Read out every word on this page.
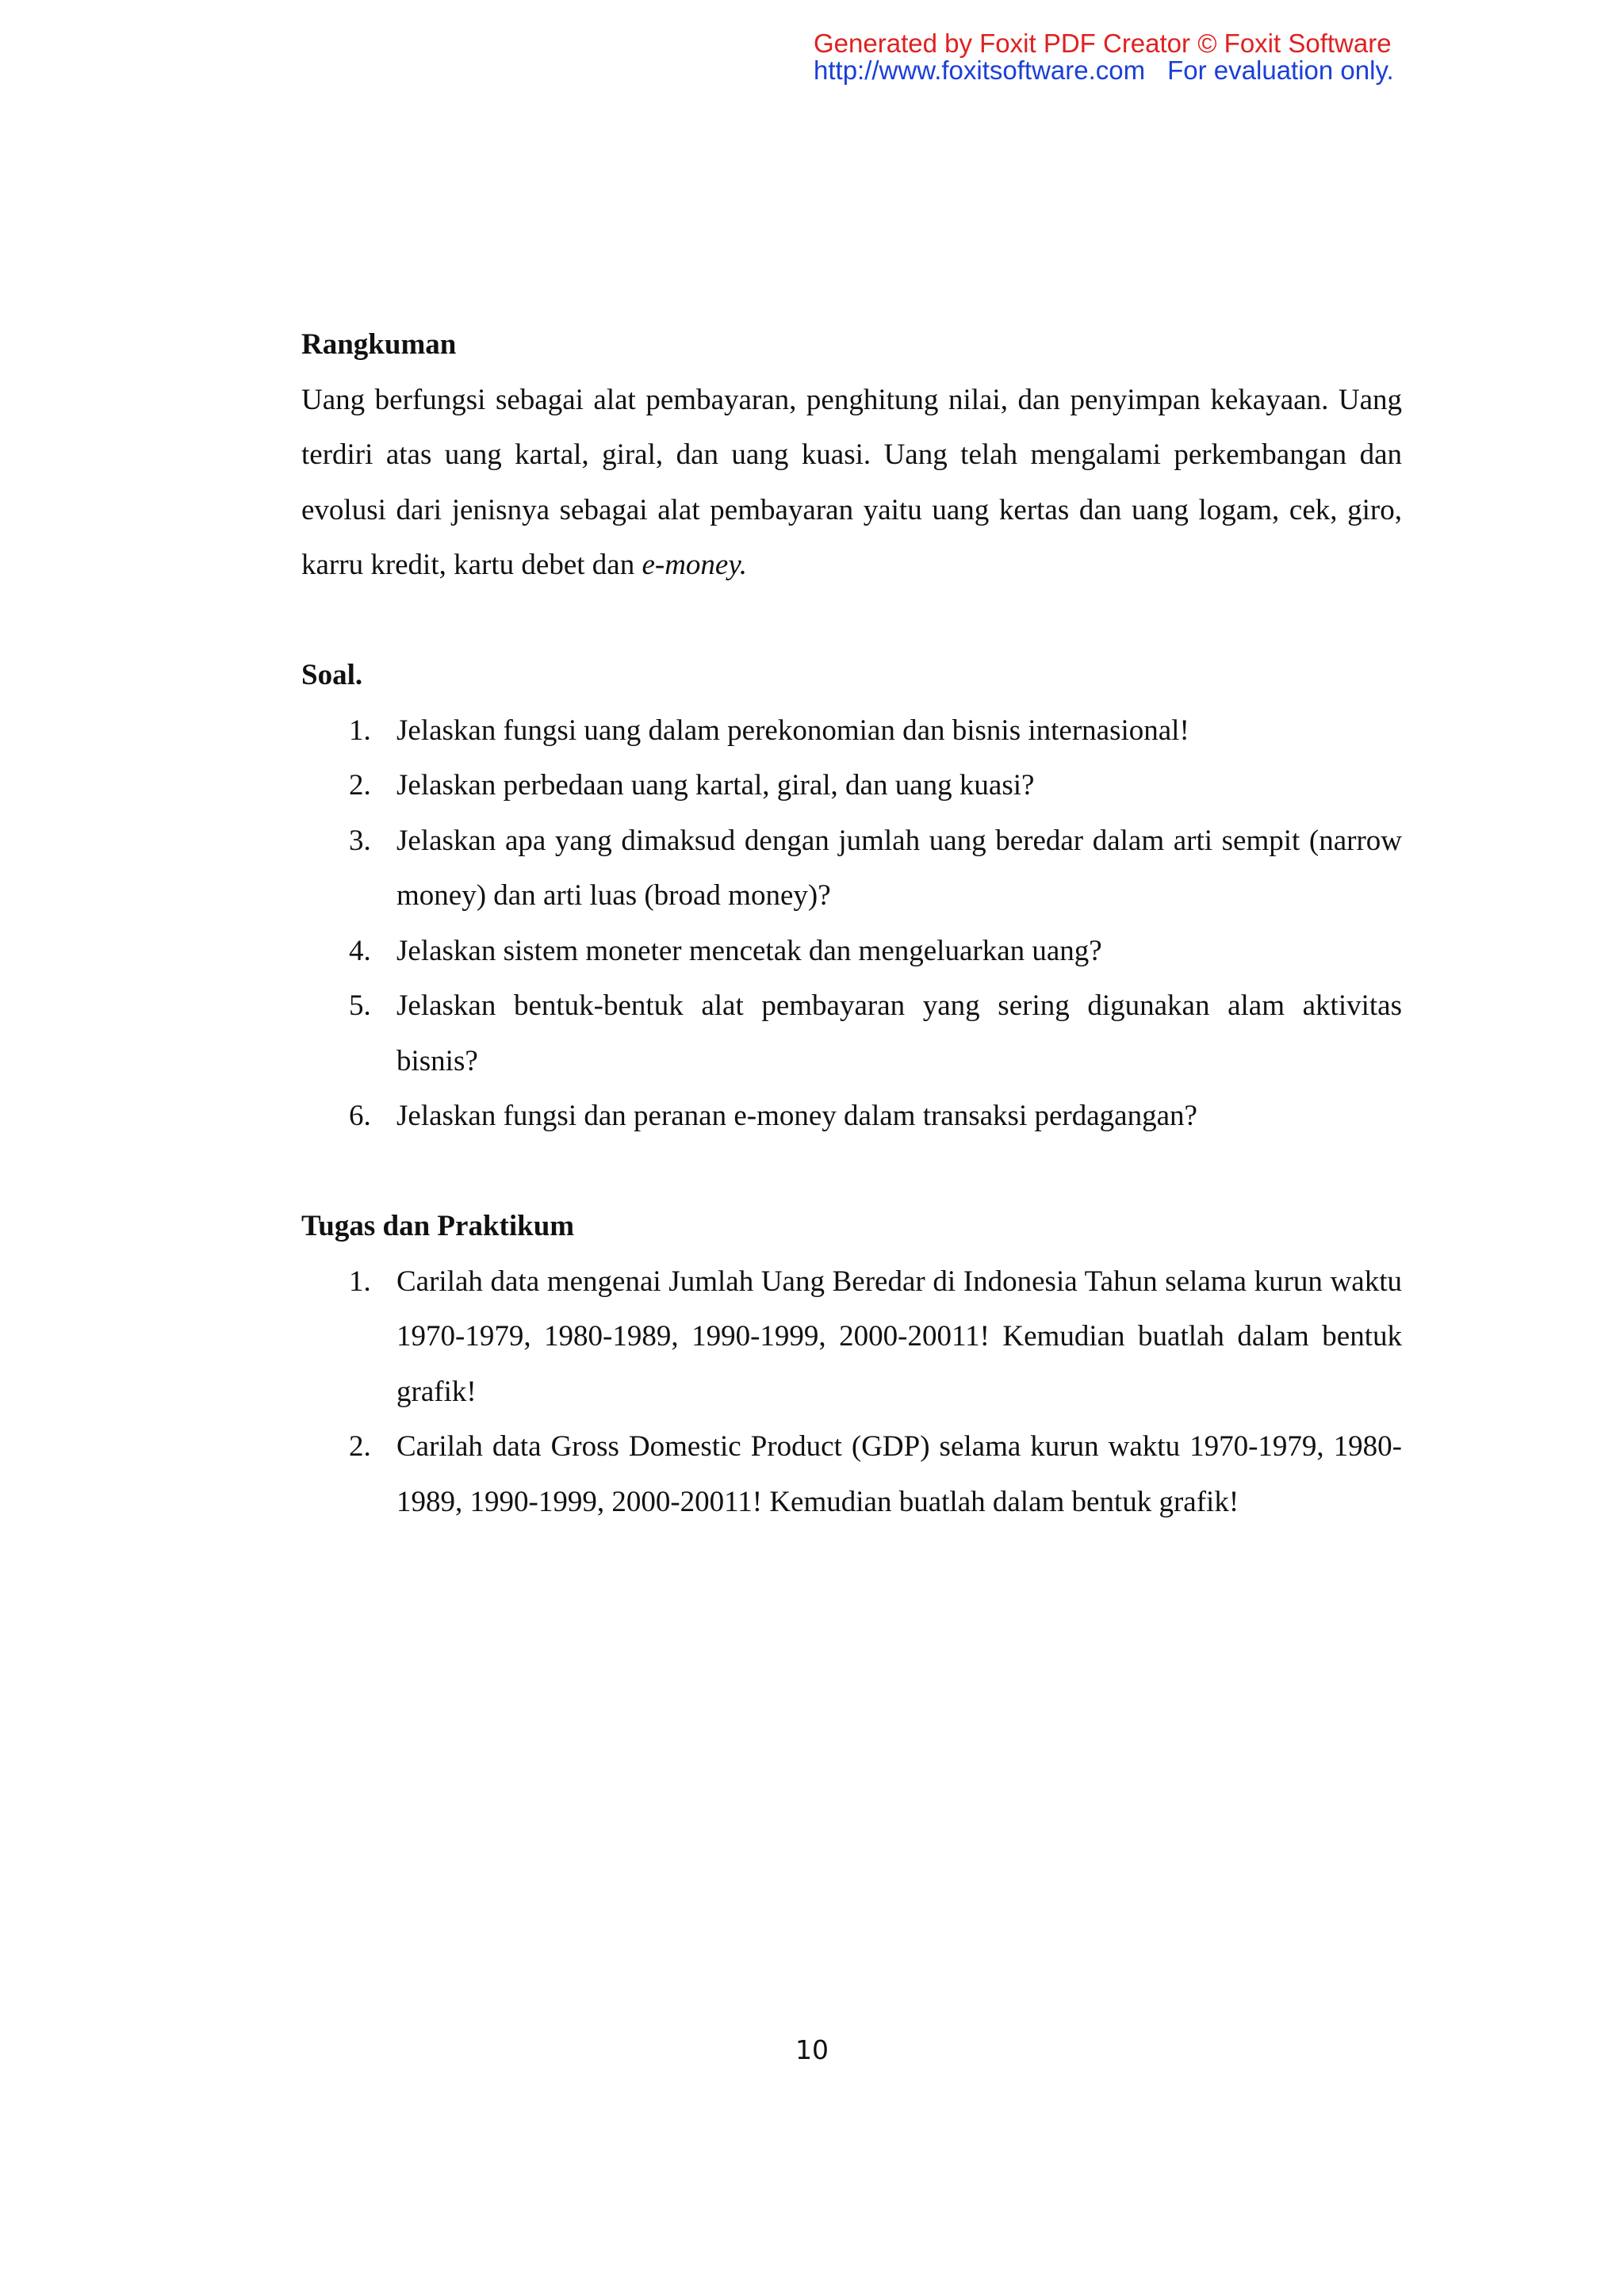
Generated by Foxit PDF Creator © Foxit Software
http://www.foxitsoftware.com For evaluation only.

Rangkuman

Uang berfungsi sebagai alat pembayaran, penghitung nilai, dan penyimpan kekayaan. Uang terdiri atas uang kartal, giral, dan uang kuasi. Uang telah mengalami perkembangan dan evolusi dari jenisnya sebagai alat pembayaran yaitu uang kertas dan uang logam, cek, giro, karru kredit, kartu debet dan e-money.

Soal.

1. Jelaskan fungsi uang dalam perekonomian dan bisnis internasional!
2. Jelaskan perbedaan uang kartal, giral, dan uang kuasi?
3. Jelaskan apa yang dimaksud dengan jumlah uang beredar dalam arti sempit (narrow money) dan arti luas (broad money)?
4. Jelaskan sistem moneter mencetak dan mengeluarkan uang?
5. Jelaskan bentuk-bentuk alat pembayaran yang sering digunakan alam aktivitas bisnis?
6. Jelaskan fungsi dan peranan e-money dalam transaksi perdagangan?

Tugas dan Praktikum

1. Carilah data mengenai Jumlah Uang Beredar di Indonesia Tahun selama kurun waktu 1970-1979, 1980-1989, 1990-1999, 2000-20011! Kemudian buatlah dalam bentuk grafik!
2. Carilah data Gross Domestic Product (GDP) selama kurun waktu 1970-1979, 1980-1989, 1990-1999, 2000-20011! Kemudian buatlah dalam bentuk grafik!
10
